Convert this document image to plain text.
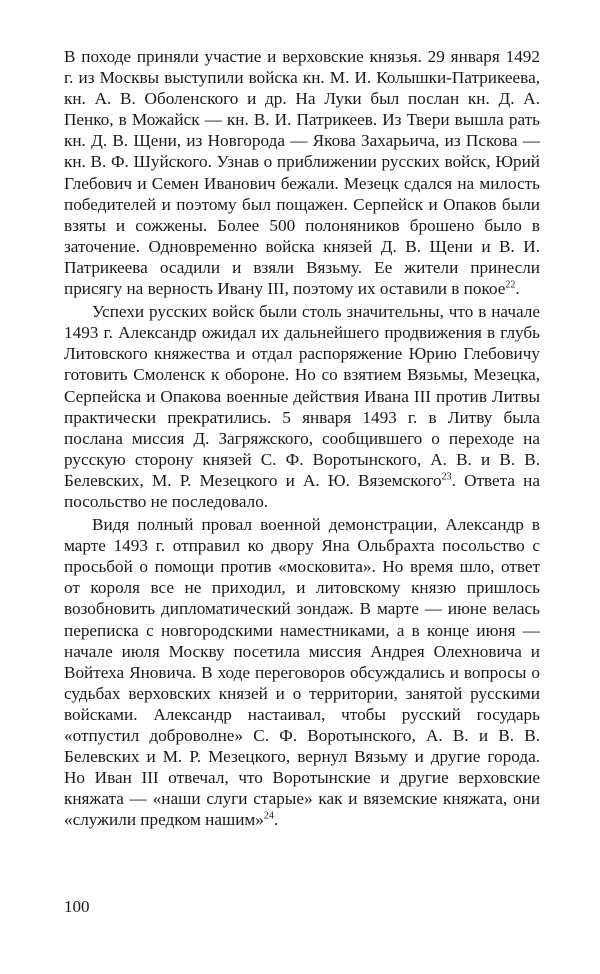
В походе приняли участие и верховские князья. 29 января 1492 г. из Москвы выступили войска кн. М. И. Колышки-Патрикеева, кн. А. В. Оболенского и др. На Луки был послан кн. Д. А. Пенко, в Можайск — кн. В. И. Патрикеев. Из Твери вышла рать кн. Д. В. Щени, из Новгорода — Якова Захарьича, из Пскова — кн. В. Ф. Шуйского. Узнав о приближении русских войск, Юрий Глебович и Семен Иванович бежали. Мезецк сдался на милость победителей и поэтому был пощажен. Серпейск и Опаков были взяты и сожжены. Более 500 полоняников брошено было в заточение. Одновременно войска князей Д. В. Щени и В. И. Патрикеева осадили и взяли Вязьму. Ее жители принесли присягу на верность Ивану III, поэтому их оставили в покое$^{22}$.

Успехи русских войск были столь значительны, что в начале 1493 г. Александр ожидал их дальнейшего продвижения в глубь Литовского княжества и отдал распоряжение Юрию Глебовичу готовить Смоленск к обороне. Но со взятием Вязьмы, Мезецка, Серпейска и Опакова военные действия Ивана III против Литвы практически прекратились. 5 января 1493 г. в Литву была послана миссия Д. Загряжского, сообщившего о переходе на русскую сторону князей С. Ф. Воротынского, А. В. и В. В. Белевских, М. Р. Мезецкого и А. Ю. Вяземского$^{23}$. Ответа на посольство не последовало.

Видя полный провал военной демонстрации, Александр в марте 1493 г. отправил ко двору Яна Ольбрахта посольство с просьбой о помощи против «московита». Но время шло, ответ от короля все не приходил, и литовскому князю пришлось возобновить дипломатический зондаж. В марте — июне велась переписка с новгородскими наместниками, а в конце июня — начале июля Москву посетила миссия Андрея Олехновича и Войтеха Яновича. В ходе переговоров обсуждались и вопросы о судьбах верховских князей и о территории, занятой русскими войсками. Александр настаивал, чтобы русский государь «отпустил доброволне» С. Ф. Воротынского, А. В. и В. В. Белевских и М. Р. Мезецкого, вернул Вязьму и другие города. Но Иван III отвечал, что Воротынские и другие верховские княжата — «наши слуги старые» как и вяземские княжата, они «служили предком нашим»$^{24}$.

100
